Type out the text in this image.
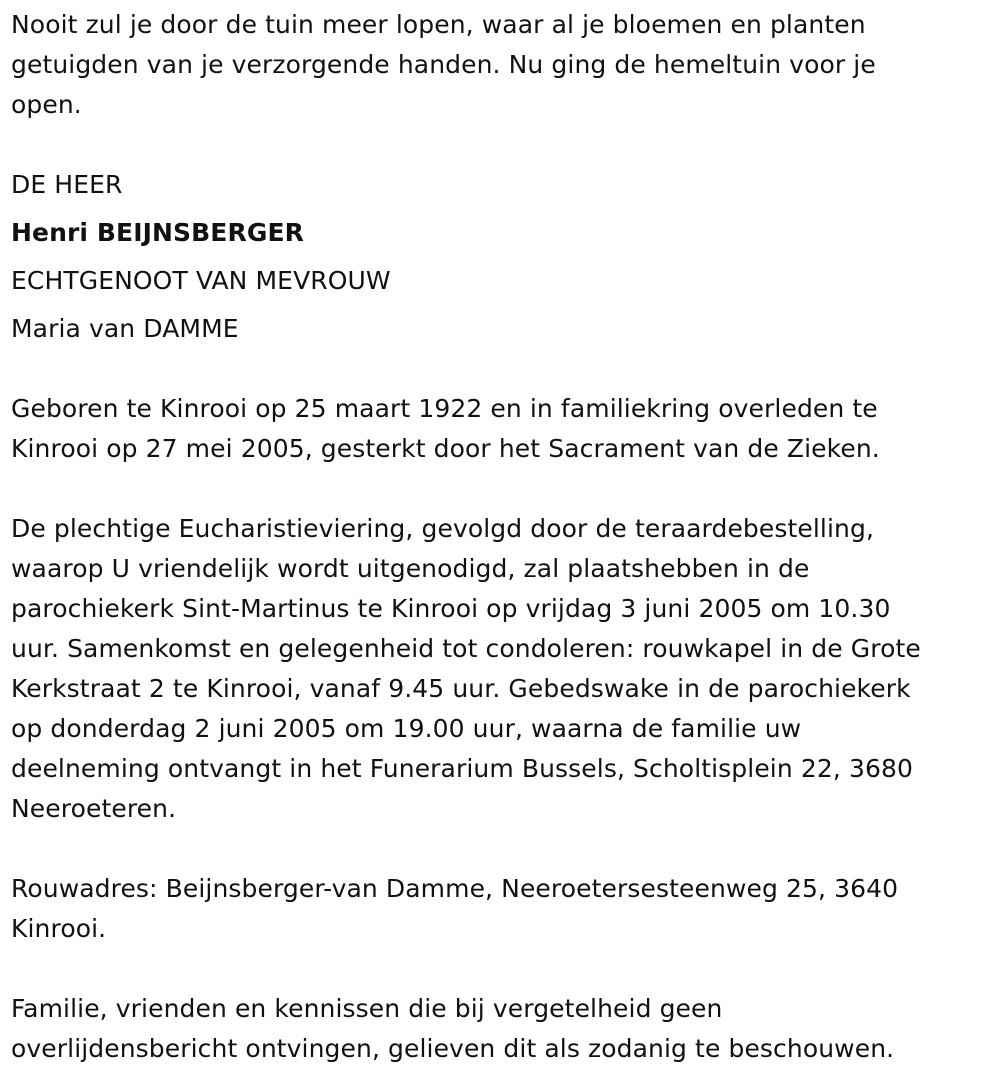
Nooit zul je door de tuin meer lopen, waar al je bloemen en planten
getuigden van je verzorgende handen. Nu ging de hemeltuin voor je
open.
DE HEER
Henri BEIJNSBERGER
ECHTGENOOT VAN MEVROUW
Maria van DAMME
Geboren te Kinrooi op 25 maart 1922 en in familiekring overleden te
Kinrooi op 27 mei 2005, gesterkt door het Sacrament van de Zieken.
De plechtige Eucharistieviering, gevolgd door de teraardebestelling,
waarop U vriendelijk wordt uitgenodigd, zal plaatshebben in de
parochiekerk Sint-Martinus te Kinrooi op vrijdag 3 juni 2005 om 10.30
uur. Samenkomst en gelegenheid tot condoleren: rouwkapel in de Grote
Kerkstraat 2 te Kinrooi, vanaf 9.45 uur. Gebedswake in de parochiekerk
op donderdag 2 juni 2005 om 19.00 uur, waarna de familie uw
deelneming ontvangt in het Funerarium Bussels, Scholtisplein 22, 3680
Neeroeteren.
Rouwadres: Beijnsberger-van Damme, Neeroetersesteenweg 25, 3640
Kinrooi.
Familie, vrienden en kennissen die bij vergetelheid geen
overlijdensbericht ontvingen, gelieven dit als zodanig te beschouwen.
